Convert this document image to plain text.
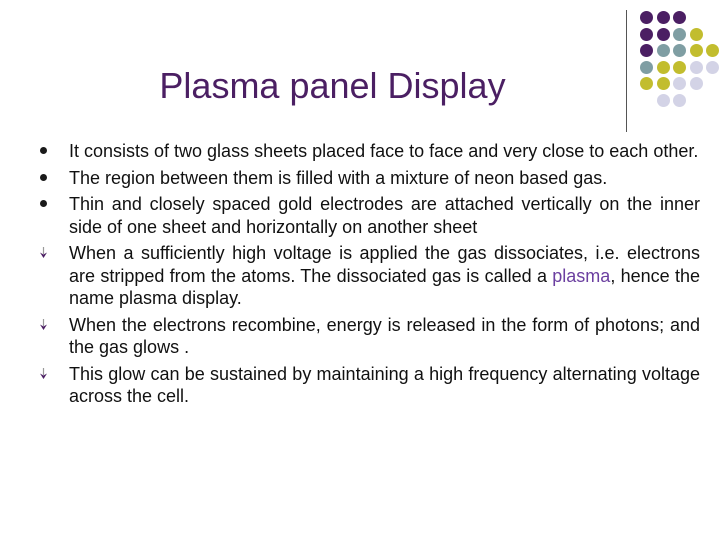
Plasma panel Display
It consists of two glass sheets placed face to face and very close to each other.
The region between them is filled with a mixture of neon based gas.
Thin and closely spaced gold electrodes are attached vertically on the inner side of one sheet and horizontally on another sheet
When a sufficiently high voltage is applied the gas dissociates, i.e. electrons are stripped from the atoms. The dissociated gas is called a plasma, hence the name plasma display.
When the electrons recombine, energy is released in the form of photons; and the gas glows .
This glow can be sustained by maintaining a high frequency alternating voltage across the cell.
